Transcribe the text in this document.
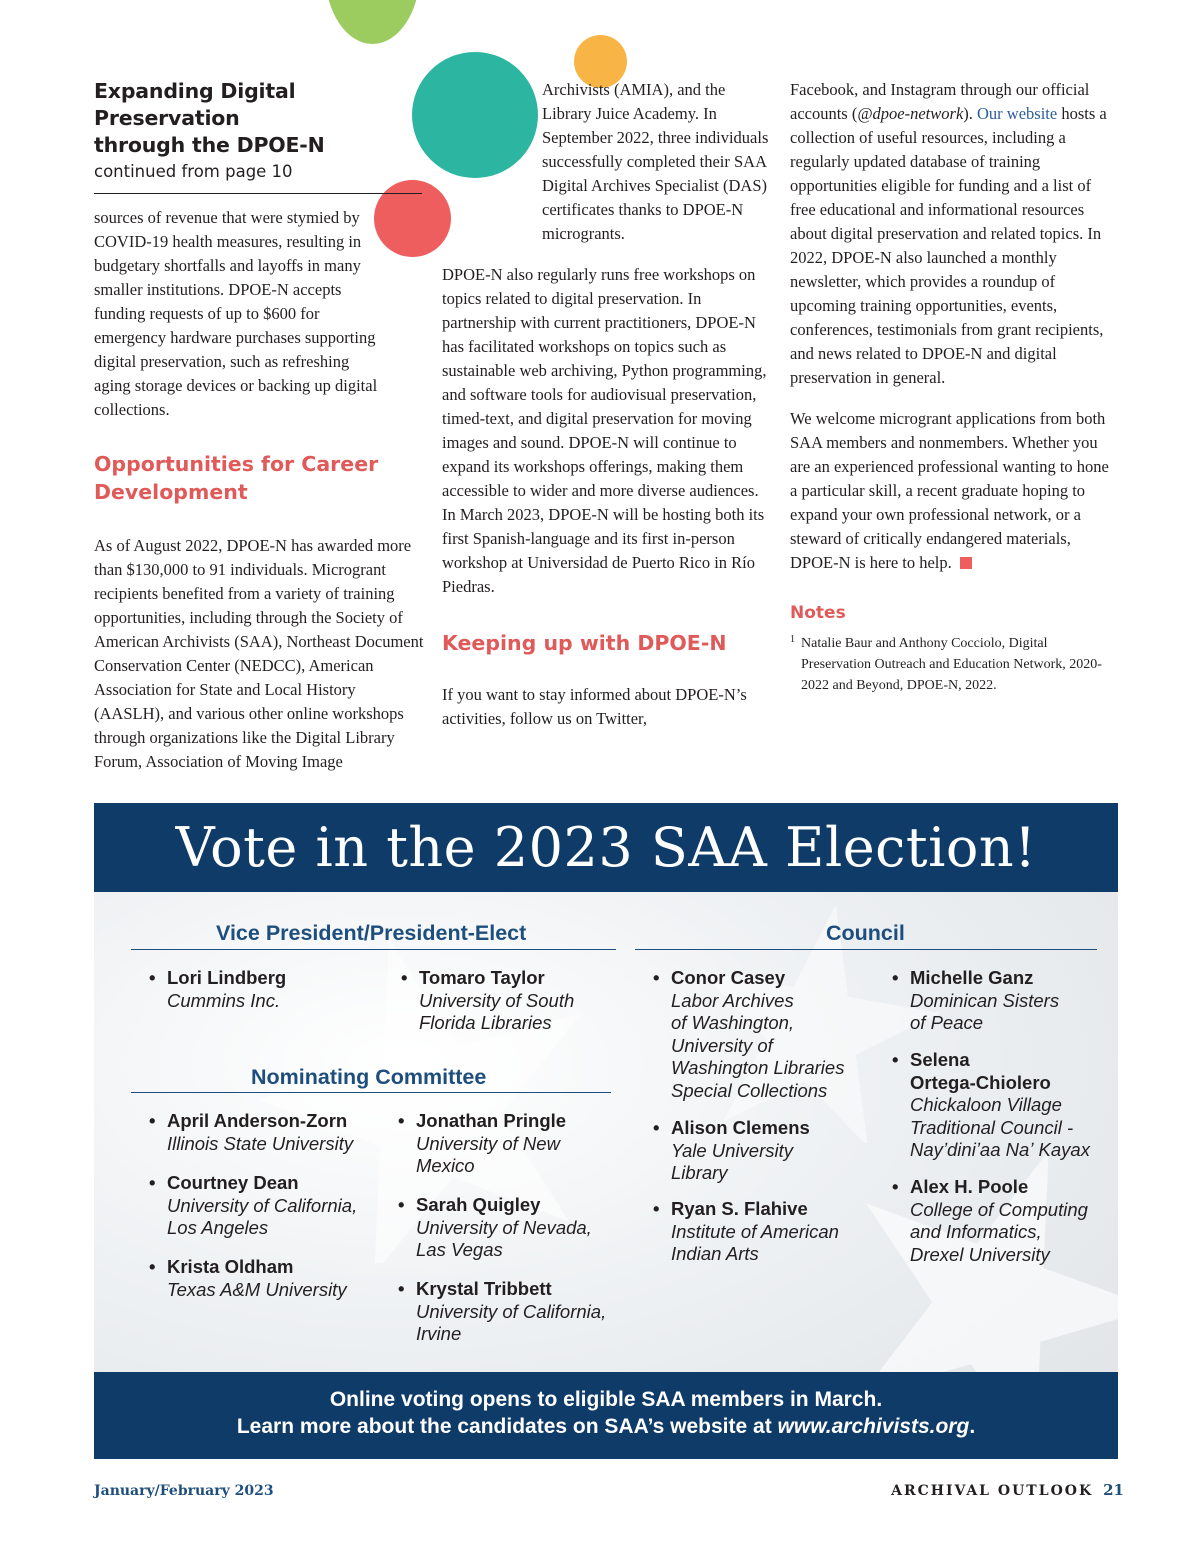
Expanding Digital Preservation
through the DPOE-N
continued from page 10

sources of revenue that were stymied by COVID-19 health measures, resulting in budgetary shortfalls and layoffs in many smaller institutions. DPOE-N accepts funding requests of up to $600 for emergency hardware purchases supporting digital preservation, such as refreshing aging storage devices or backing up digital collections.

Opportunities for Career Development

As of August 2022, DPOE-N has awarded more than $130,000 to 91 individuals. Microgrant recipients benefited from a variety of training opportunities, including through the Society of American Archivists (SAA), Northeast Document Conservation Center (NEDCC), American Association for State and Local History (AASLH), and various other online workshops through organizations like the Digital Library Forum, Association of Moving Image

Archivists (AMIA), and the Library Juice Academy. In September 2022, three individuals successfully completed their SAA Digital Archives Specialist (DAS) certificates thanks to DPOE-N microgrants.

DPOE-N also regularly runs free workshops on topics related to digital preservation. In partnership with current practitioners, DPOE-N has facilitated workshops on topics such as sustainable web archiving, Python programming, and software tools for audiovisual preservation, timed-text, and digital preservation for moving images and sound. DPOE-N will continue to expand its workshops offerings, making them accessible to wider and more diverse audiences. In March 2023, DPOE-N will be hosting both its first Spanish-language and its first in-person workshop at Universidad de Puerto Rico in Río Piedras.

Keeping up with DPOE-N

If you want to stay informed about DPOE-N’s activities, follow us on Twitter,

Facebook, and Instagram through our official accounts (@dpoe-network). Our website hosts a collection of useful resources, including a regularly updated database of training opportunities eligible for funding and a list of free educational and informational resources about digital preservation and related topics. In 2022, DPOE-N also launched a monthly newsletter, which provides a roundup of upcoming training opportunities, events, conferences, testimonials from grant recipients, and news related to DPOE-N and digital preservation in general.

We welcome microgrant applications from both SAA members and nonmembers. Whether you are an experienced professional wanting to hone a particular skill, a recent graduate hoping to expand your own professional network, or a steward of critically endangered materials, DPOE-N is here to help.

Notes
1 Natalie Baur and Anthony Cocciolo, Digital Preservation Outreach and Education Network, 2020-2022 and Beyond, DPOE-N, 2022.
Vote in the 2023 SAA Election!
Vice President/President-Elect	Council
• Lori Lindberg
Cummins Inc.
• Tomaro Taylor
University of South
Florida Libraries
Nominating Committee
• April Anderson-Zorn
Illinois State University
• Courtney Dean
University of California,
Los Angeles
• Krista Oldham
Texas A&M University
• Jonathan Pringle
University of New
Mexico
• Sarah Quigley
University of Nevada,
Las Vegas
• Krystal Tribbett
University of California,
Irvine
• Conor Casey
Labor Archives
of Washington,
University of
Washington Libraries
Special Collections
• Alison Clemens
Yale University
Library
• Ryan S. Flahive
Institute of American
Indian Arts
• Michelle Ganz
Dominican Sisters
of Peace
• Selena
Ortega-Chiolero
Chickaloon Village
Traditional Council -
Nayʼdiniʼaa Naʼ Kayax
• Alex H. Poole
College of Computing
and Informatics,
Drexel University
Online voting opens to eligible SAA members in March.
Learn more about the candidates on SAA’s website at www.archivists.org.
January/February 2023	ARCHIVAL OUTLOOK 21
